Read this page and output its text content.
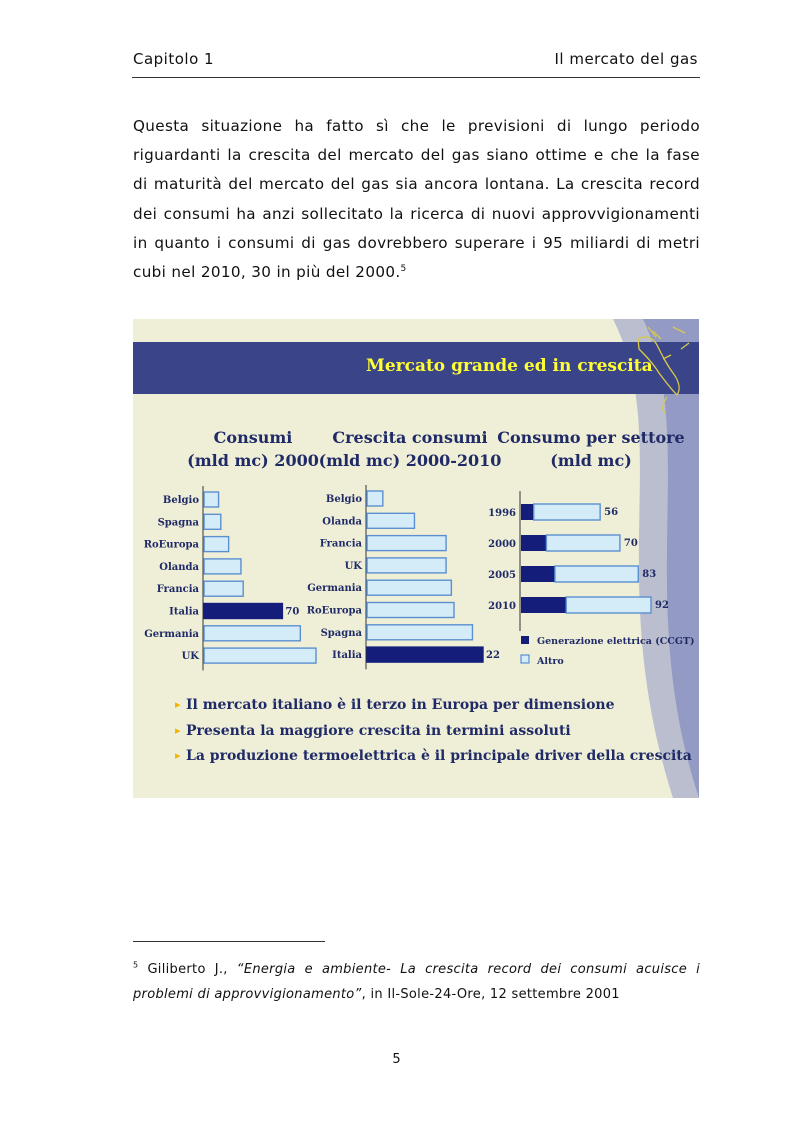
Capitolo 1	Il mercato del gas
Questa situazione ha fatto sì che le previsioni di lungo periodo riguardanti la crescita del mercato del gas siano ottime e che la fase di maturità del mercato del gas sia ancora lontana. La crescita record dei consumi ha anzi sollecitato la ricerca di nuovi approvvigionamenti in quanto i consumi di gas dovrebbero superare i 95 miliardi di metri cubi nel 2010, 30 in più del 2000.$^5$
Mercato grande ed in crescita
Consumi
(mld mc) 2000
Belgio
Spagna
RoEuropa
Olanda
Francia
Italia	70
Germania
UK
Crescita consumi
(mld mc) 2000-2010
Belgio
Olanda
Francia
UK
Germania
RoEuropa
Spagna
Italia	22
Consumo per settore
(mld mc)
1996	56
2000	70
2005	83
2010	92
Generazione elettrica (CCGT)
Altro
▸ Il mercato italiano è il terzo in Europa per dimensione
▸ Presenta la maggiore crescita in termini assoluti
▸ La produzione termoelettrica è il principale driver della crescita
$^5$ Giliberto J., “Energia e ambiente- La crescita record dei consumi acuisce i problemi di approvvigionamento”, in Il-Sole-24-Ore, 12 settembre 2001
5
